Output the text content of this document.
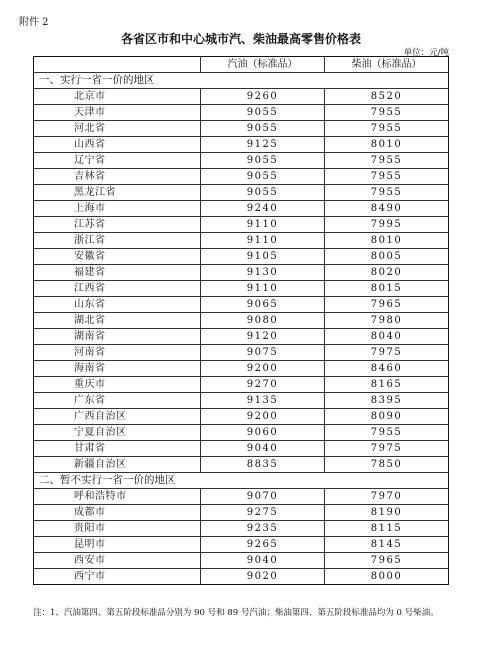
附件 2
各省区市和中心城市汽、柴油最高零售价格表
单位：元/吨
	汽油（标准品）	柴油（标准品）
一、实行一省一价的地区		
北京市	9260	8520
天津市	9055	7955
河北省	9055	7955
山西省	9125	8010
辽宁省	9055	7955
吉林省	9055	7955
黑龙江省	9055	7955
上海市	9240	8490
江苏省	9110	7995
浙江省	9110	8010
安徽省	9105	8005
福建省	9130	8020
江西省	9110	8015
山东省	9065	7965
湖北省	9080	7980
湖南省	9120	8040
河南省	9075	7975
海南省	9200	8460
重庆市	9270	8165
广东省	9135	8395
广西自治区	9200	8090
宁夏自治区	9060	7955
甘肃省	9040	7975
新疆自治区	8835	7850
二、暂不实行一省一价的地区		
呼和浩特市	9070	7970
成都市	9275	8190
贵阳市	9235	8115
昆明市	9265	8145
西安市	9040	7965
西宁市	9020	8000
注：1、汽油第四、第五阶段标准品分别为 90 号和 89 号汽油；柴油第四、第五阶段标准品均为 0 号柴油。
